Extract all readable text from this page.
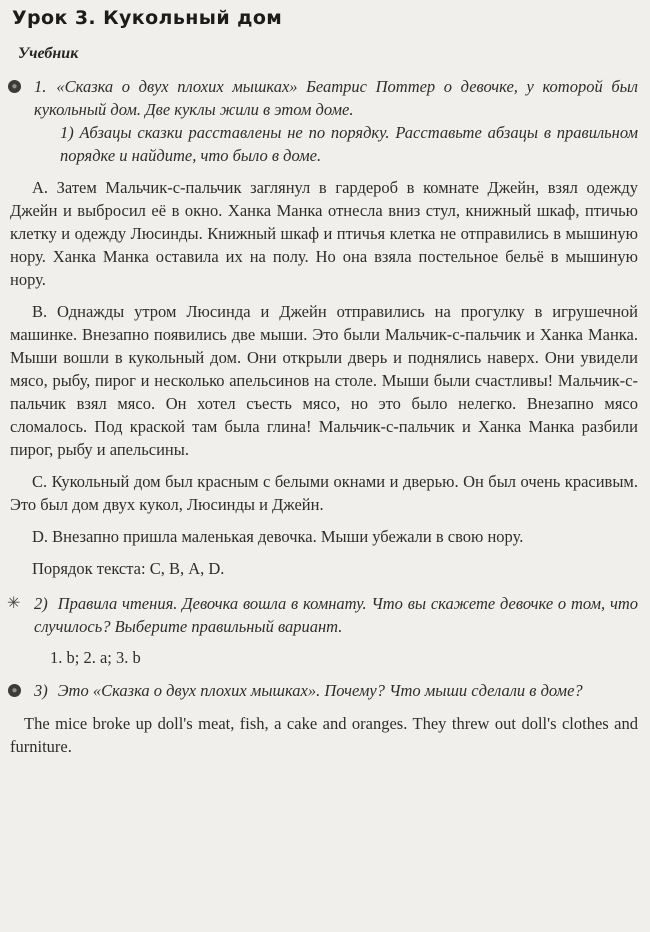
Урок 3. Кукольный дом
Учебник

1. «Сказка о двух плохих мышках» Беатрис Поттер о девочке, у которой был кукольный дом. Две куклы жили в этом доме.

1) Абзацы сказки расставлены не по порядку. Расставьте абзацы в правильном порядке и найдите, что было в доме.

А. Затем Мальчик-с-пальчик заглянул в гардероб в комнате Джейн, взял одежду Джейн и выбросил её в окно. Ханка Манка отнесла вниз стул, книжный шкаф, птичью клетку и одежду Люсинды. Книжный шкаф и птичья клетка не отправились в мышиную нору. Ханка Манка оставила их на полу. Но она взяла постельное бельё в мышиную нору.

В. Однажды утром Люсинда и Джейн отправились на прогулку в игрушечной машинке. Внезапно появились две мыши. Это были Мальчик-с-пальчик и Ханка Манка. Мыши вошли в кукольный дом. Они открыли дверь и поднялись наверх. Они увидели мясо, рыбу, пирог и несколько апельсинов на столе. Мыши были счастливы! Мальчик-с-пальчик взял мясо. Он хотел съесть мясо, но это было нелегко. Внезапно мясо сломалось. Под краской там была глина! Мальчик-с-пальчик и Ханка Манка разбили пирог, рыбу и апельсины.

С. Кукольный дом был красным с белыми окнами и дверью. Он был очень красивым. Это был дом двух кукол, Люсинды и Джейн.

D. Внезапно пришла маленькая девочка. Мыши убежали в свою нору.

Порядок текста: С, В, А, D.

✳ 2) Правила чтения. Девочка вошла в комнату. Что вы скажете девочке о том, что случилось? Выберите правильный вариант.

1. b; 2. a; 3. b

3) Это «Сказка о двух плохих мышках». Почему? Что мыши сделали в доме?

The mice broke up doll's meat, fish, a cake and oranges. They threw out doll's clothes and furniture.
